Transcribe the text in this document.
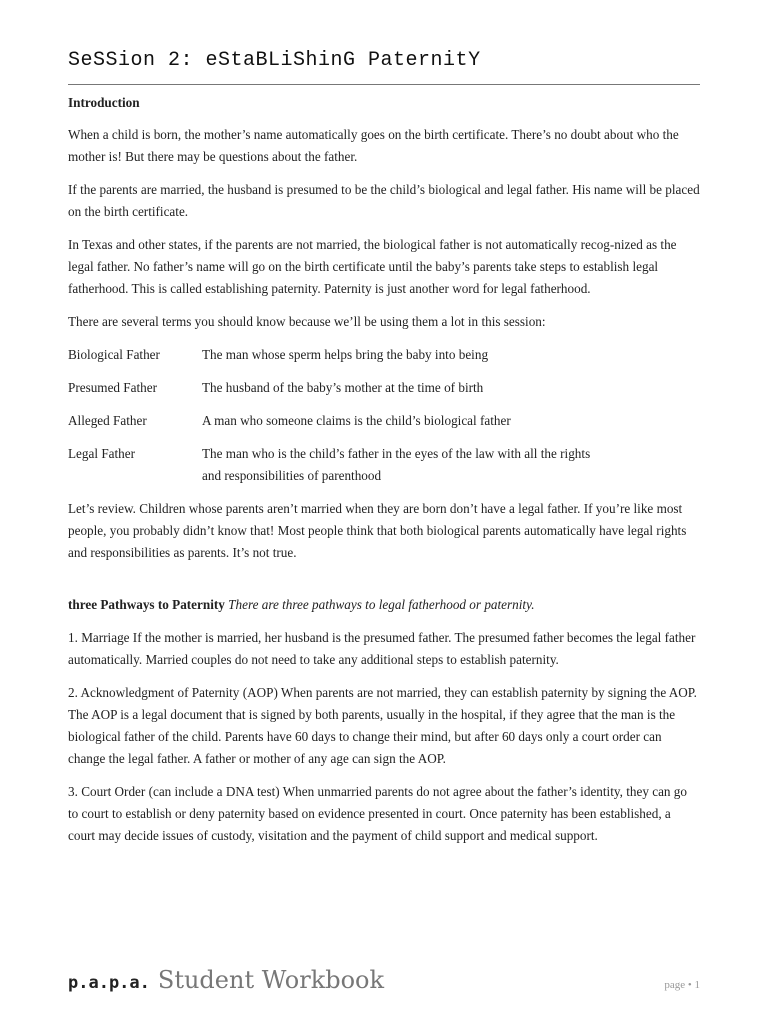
SeSSion 2: eStaBLiShinG PaternitY

Introduction

When a child is born, the mother’s name automatically goes on the birth certificate. There’s no doubt about who the mother is! But there may be questions about the father.

If the parents are married, the husband is presumed to be the child’s biological and legal father. His name will be placed on the birth certificate.

In Texas and other states, if the parents are not married, the biological father is not automatically recog-nized as the legal father. No father’s name will go on the birth certificate until the baby’s parents take steps to establish legal fatherhood. This is called establishing paternity. Paternity is just another word for legal fatherhood.

There are several terms you should know because we’ll be using them a lot in this session:

Biological Father	The man whose sperm helps bring the baby into being
Presumed Father	The husband of the baby’s mother at the time of birth
Alleged Father	A man who someone claims is the child’s biological father
Legal Father	The man who is the child’s father in the eyes of the law with all the rights and responsibilities of parenthood

Let’s review. Children whose parents aren’t married when they are born don’t have a legal father. If you’re like most people, you probably didn’t know that! Most people think that both biological parents automatically have legal rights and responsibilities as parents. It’s not true.

three Pathways to Paternity There are three pathways to legal fatherhood or paternity.

1. Marriage If the mother is married, her husband is the presumed father. The presumed father becomes the legal father automatically. Married couples do not need to take any additional steps to establish paternity.

2. Acknowledgment of Paternity (AOP) When parents are not married, they can establish paternity by signing the AOP. The AOP is a legal document that is signed by both parents, usually in the hospital, if they agree that the man is the biological father of the child. Parents have 60 days to change their mind, but after 60 days only a court order can change the legal father. A father or mother of any age can sign the AOP.

3. Court Order (can include a DNA test) When unmarried parents do not agree about the father’s identity, they can go to court to establish or deny paternity based on evidence presented in court. Once paternity has been established, a court may decide issues of custody, visitation and the payment of child support and medical support.

p.a.p.a. Student Workbook	page • 1
